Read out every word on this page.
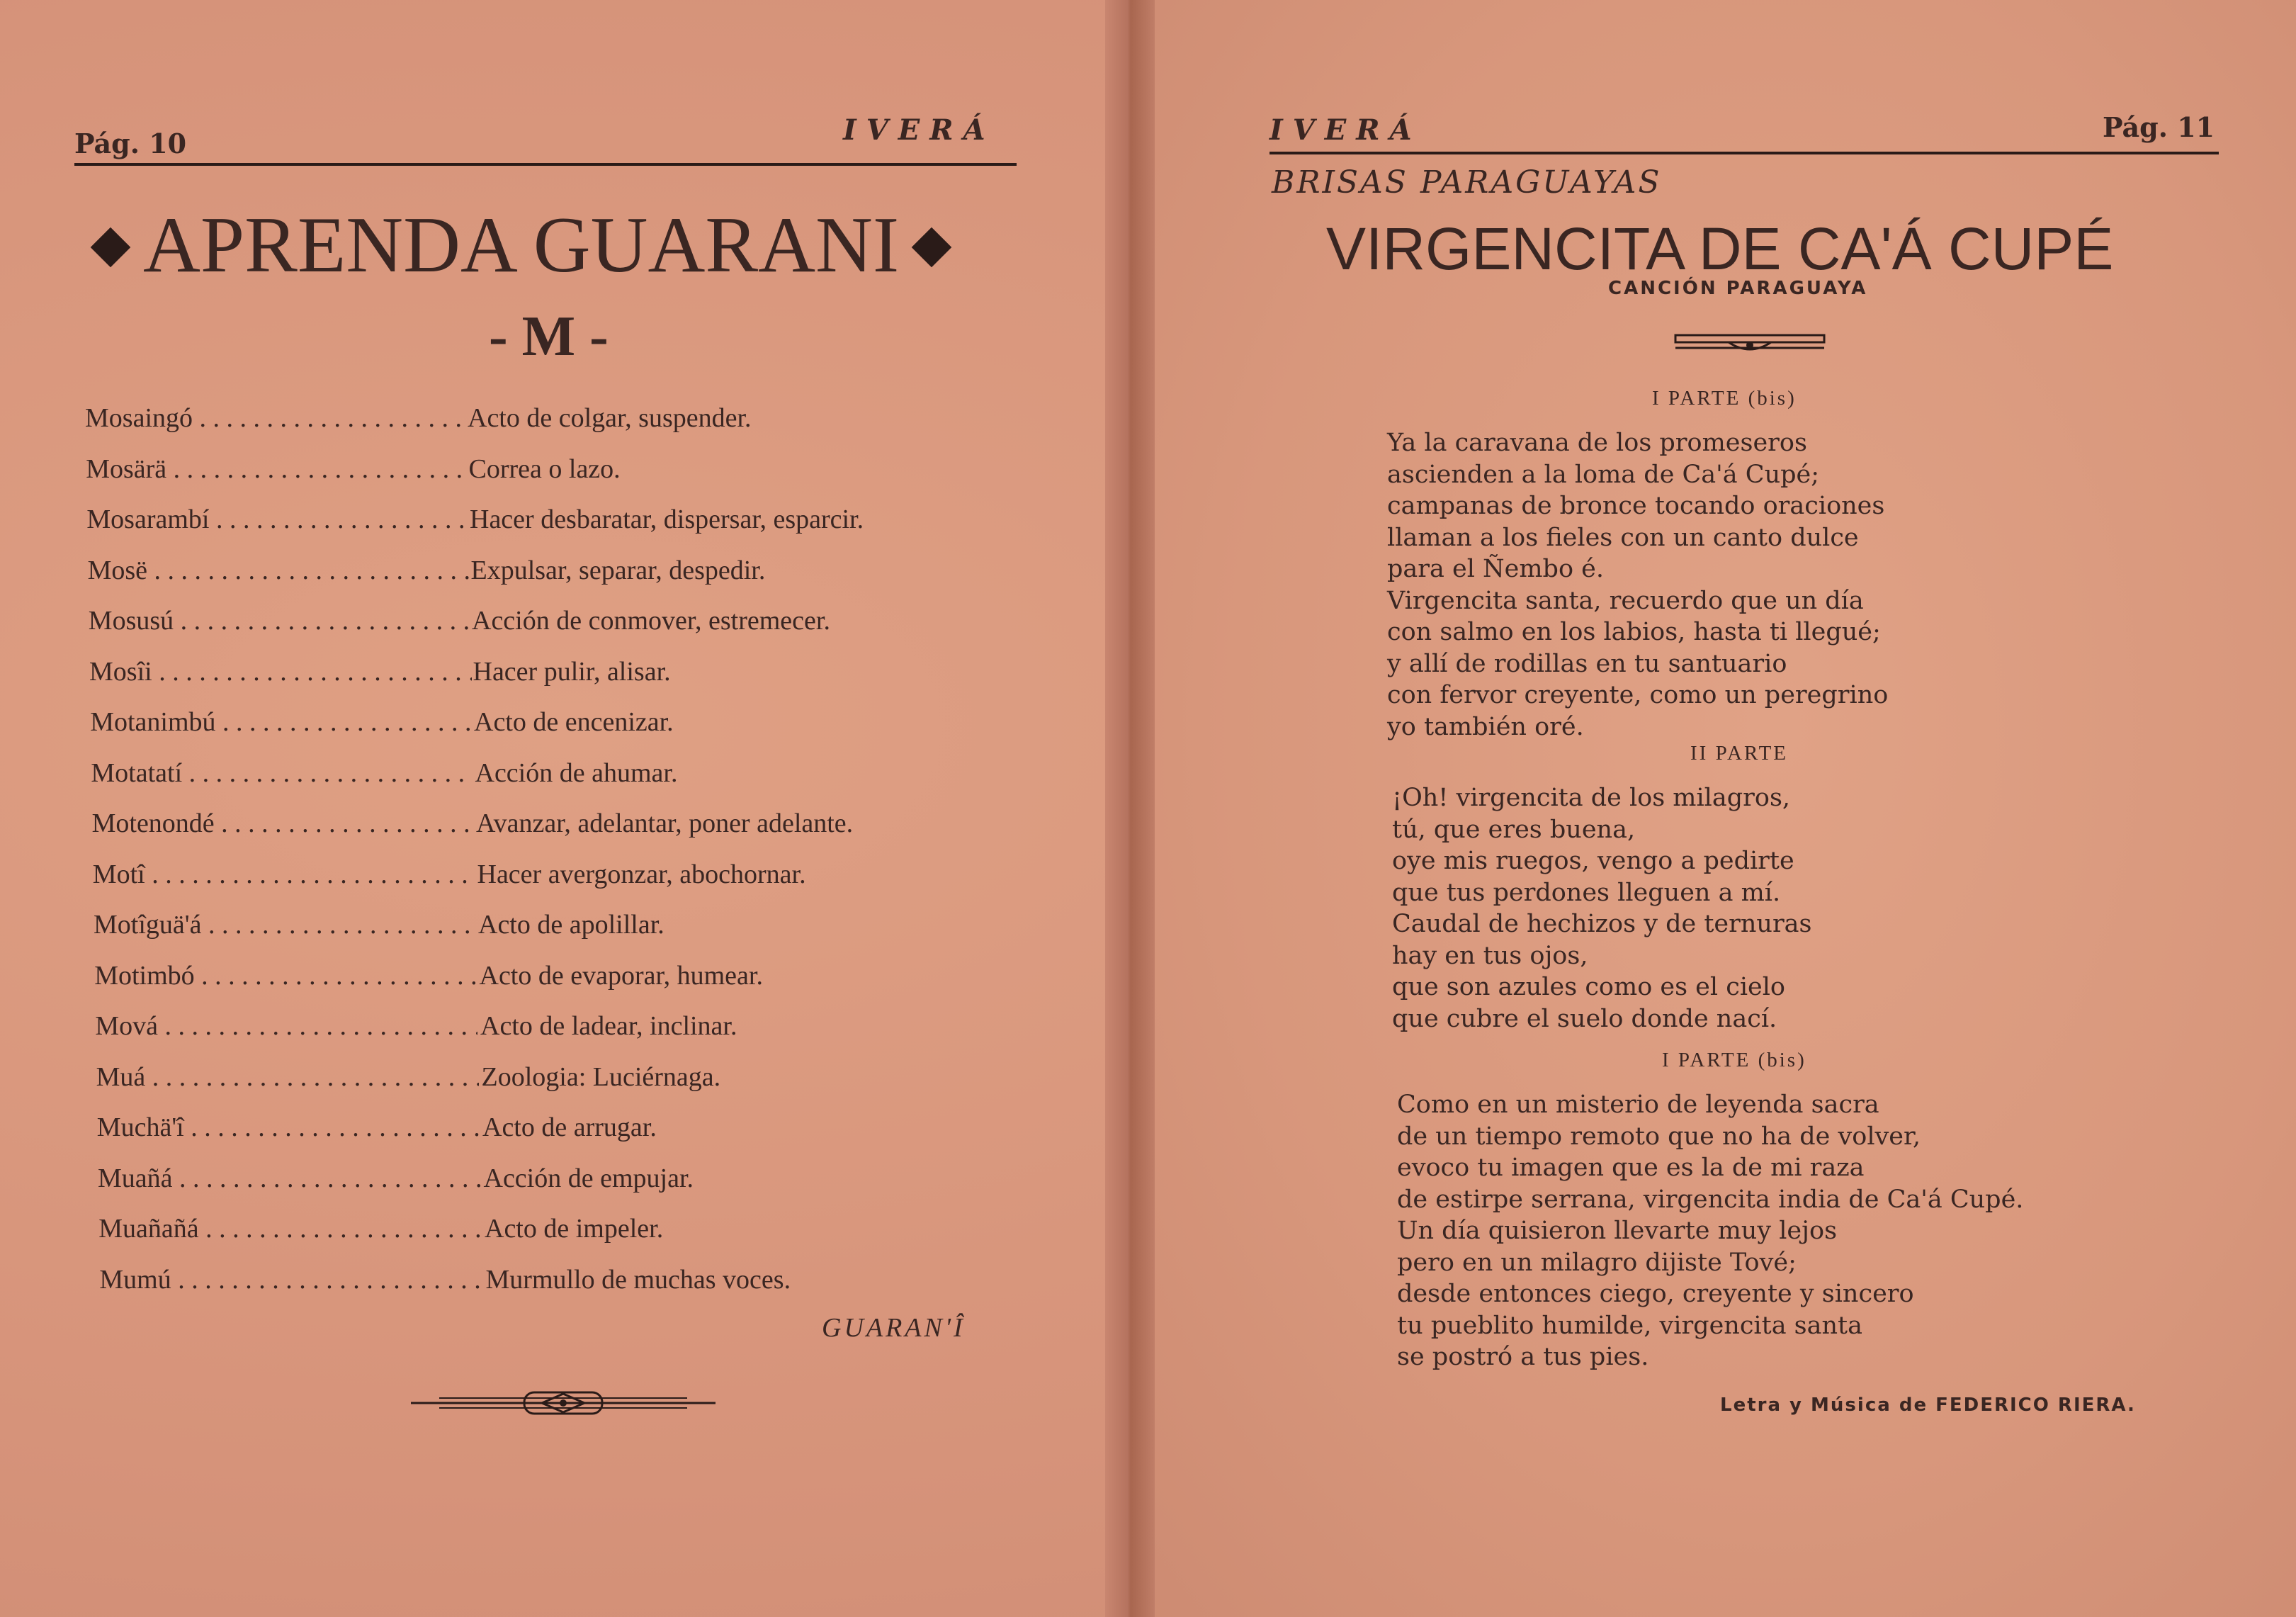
Pág. 10	IVERÁ
APRENDA GUARANI
- M -
Mosaingó . . .	Acto de colgar, suspender.
Mosärä . . .	Correa o lazo.
Mosarambí . . .	Hacer desbaratar, dispersar, esparcir.
Mosë . . .	Expulsar, separar, despedir.
Mosusú . . .	Acción de conmover, estremecer.
Mosîi . . .	Hacer pulir, alisar.
Motanimbú . . .	Acto de encenizar.
Motatatí . . .	Acción de ahumar.
Motenondé . . .	Avanzar, adelantar, poner adelante.
Motî . . .	Hacer avergonzar, abochornar.
Motîguä'á . . .	Acto de apolillar.
Motimbó . . .	Acto de evaporar, humear.
Mová . . .	Acto de ladear, inclinar.
Muá . . .	Zoologia: Luciérnaga.
Muchä'î . . .	Acto de arrugar.
Muañá . . .	Acción de empujar.
Muañañá . . .	Acto de impeler.
Mumú . . .	Murmullo de muchas voces.
GUARAN'Î
IVERÁ	Pág. 11
BRISAS PARAGUAYAS
VIRGENCITA DE CA'Á CUPÉ
CANCIÓN PARAGUAYA
I PARTE (bis)
Ya la caravana de los promeseros
ascienden a la loma de Ca'á Cupé;
campanas de bronce tocando oraciones
llaman a los fieles con un canto dulce
para el Ñembo é.
Virgencita santa, recuerdo que un día
con salmo en los labios, hasta ti llegué;
y allí de rodillas en tu santuario
con fervor creyente, como un peregrino
yo también oré.
II PARTE
¡Oh! virgencita de los milagros,
tú, que eres buena,
oye mis ruegos, vengo a pedirte
que tus perdones lleguen a mí.
Caudal de hechizos y de ternuras
hay en tus ojos,
que son azules como es el cielo
que cubre el suelo donde nací.
I PARTE (bis)
Como en un misterio de leyenda sacra
de un tiempo remoto que no ha de volver,
evoco tu imagen que es la de mi raza
de estirpe serrana, virgencita india de Ca'á Cupé.
Un día quisieron llevarte muy lejos
pero en un milagro dijiste Tové;
desde entonces ciego, creyente y sincero
tu pueblito humilde, virgencita santa
se postró a tus pies.
Letra y Música de FEDERICO RIERA.
